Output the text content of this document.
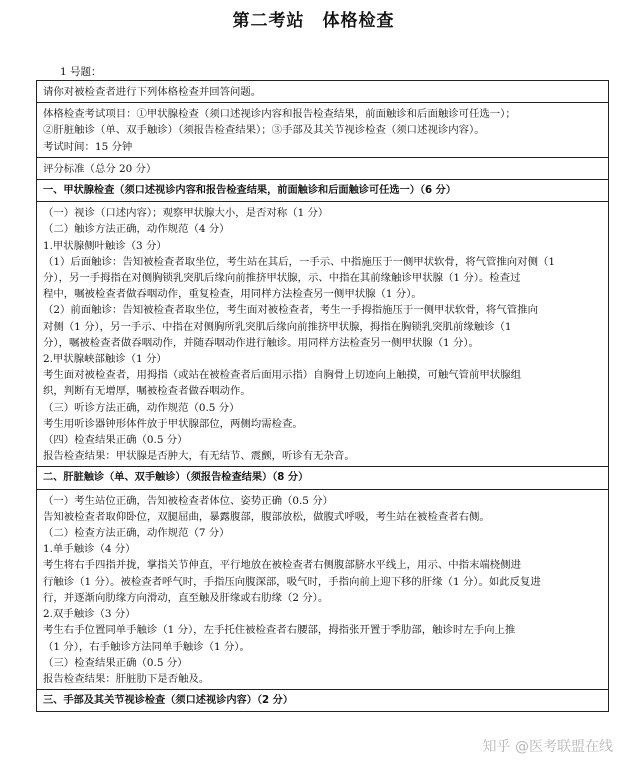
第二考站　体格检查
1 号题：
请你对被检查者进行下列体格检查并回答问题。
体格检查考试项目：①甲状腺检查（须口述视诊内容和报告检查结果，前面触诊和后面触诊可任选一）；
②肝脏触诊（单、双手触诊）（须报告检查结果）；③手部及其关节视诊检查（须口述视诊内容）。
考试时间：15 分钟
评分标准（总分 20 分）
一、甲状腺检查（须口述视诊内容和报告检查结果，前面触诊和后面触诊可任选一）（6 分）
（一）视诊（口述内容）；观察甲状腺大小，是否对称（1 分）
（二）触诊方法正确，动作规范（4 分）
1.甲状腺侧叶触诊（3 分）
（1）后面触诊：告知被检查者取坐位，考生站在其后，一手示、中指施压于一侧甲状软骨，将气管推向对侧（1
分），另一手拇指在对侧胸锁乳突肌后缘向前推挤甲状腺，示、中指在其前缘触诊甲状腺（1 分）。检查过
程中，嘱被检查者做吞咽动作，重复检查，用同样方法检查另一侧甲状腺（1 分）。
（2）前面触诊：告知被检查者取坐位，考生面对被检查者，考生一手拇指施压于一侧甲状软骨，将气管推向
对侧（1 分），另一手示、中指在对侧胸所乳突肌后缘向前推挤甲状腺，拇指在胸锁乳突肌前缘触诊（1
分），嘱被检查者做吞咽动作，并随吞咽动作进行触诊。用同样方法检查另一侧甲状腺（1 分）。
2.甲状腺峡部触诊（1 分）
考生面对被检查者，用拇指（或站在被检查者后面用示指）自胸骨上切迹向上触摸，可触气管前甲状腺组
织，判断有无增厚，嘱被检查者做吞咽动作。
（三）听诊方法正确，动作规范（0.5 分）
考生用听诊器钟形体件放于甲状腺部位，两侧均需检查。
（四）检查结果正确（0.5 分）
报告检查结果：甲状腺是否肿大，有无结节、震颤，听诊有无杂音。
二、肝脏触诊（单、双手触诊）（须报告检查结果）（8 分）
（一）考生站位正确，告知被检查者体位、姿势正确（0.5 分）
告知被检查者取仰卧位，双腿屈曲，暴露腹部，腹部放松，做腹式呼吸，考生站在被检查者右侧。
（二）检查方法正确，动作规范（7 分）
1.单手触诊（4 分）
考生将右手四指并拢，掌指关节伸直，平行地放在被检查者右侧腹部脐水平线上，用示、中指末端桡侧进
行触诊（1 分）。被检查者呼气时，手指压向腹深部，吸气时，手指向前上迎下移的肝缘（1 分）。如此反复进
行，并逐渐向肋缘方向滑动，直至触及肝缘或右肋缘（2 分）。
2.双手触诊（3 分）
考生右手位置同单手触诊（1 分），左手托住被检查者右腰部，拇指张开置于季肋部，触诊时左手向上推
（1 分），右手触诊方法同单手触诊（1 分）。
（三）检查结果正确（0.5 分）
报告检查结果：肝脏肋下是否触及。
三、手部及其关节视诊检查（须口述视诊内容）（2 分）
知乎 @医考联盟在线
